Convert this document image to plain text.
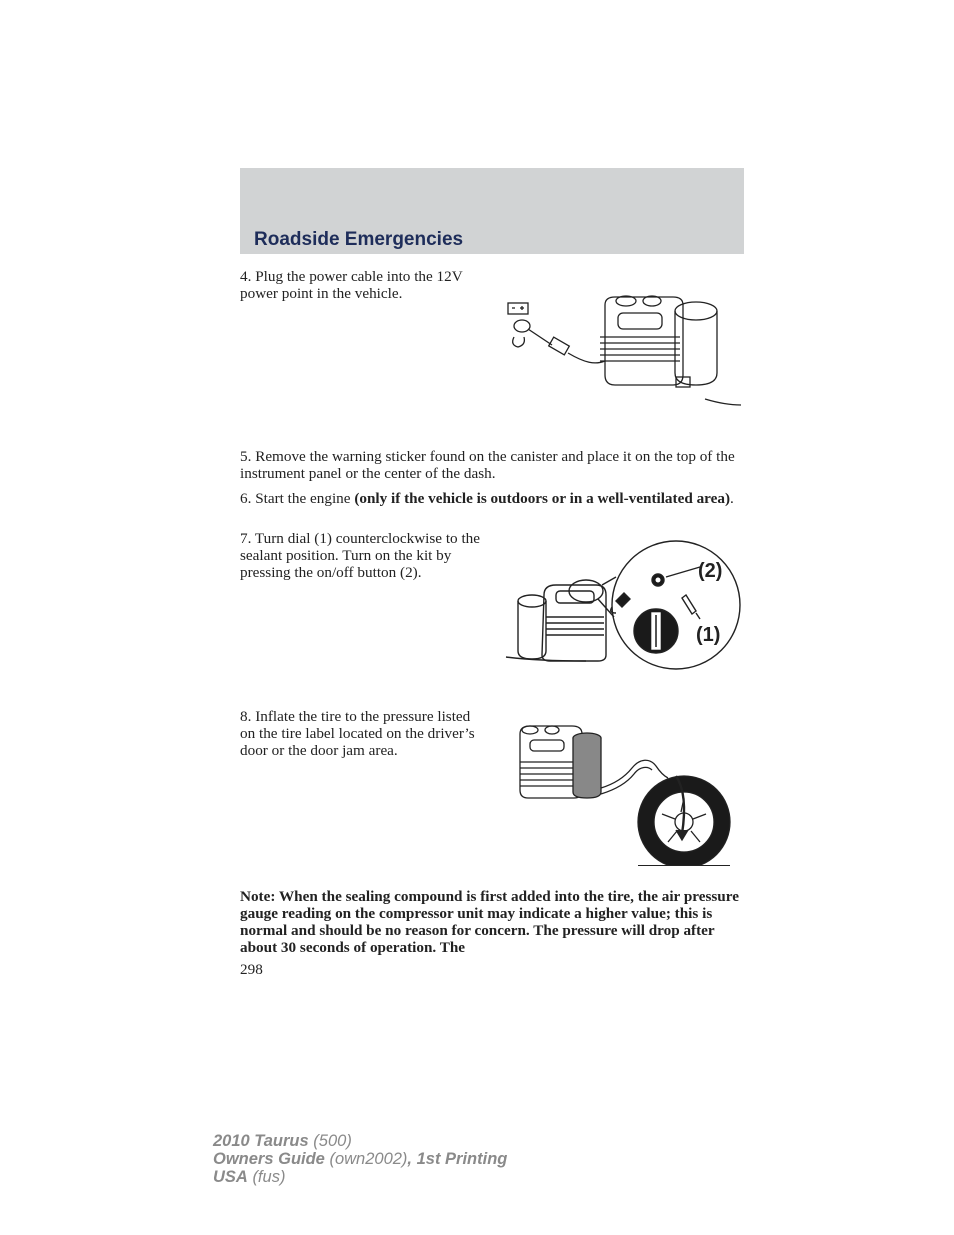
Roadside Emergencies
4. Plug the power cable into the 12V power point in the vehicle.
5. Remove the warning sticker found on the canister and place it on the top of the instrument panel or the center of the dash.
6. Start the engine (only if the vehicle is outdoors or in a well-ventilated area).
7. Turn dial (1) counterclockwise to the sealant position. Turn on the kit by pressing the on/off button (2).	(2)
(1)
8. Inflate the tire to the pressure listed on the tire label located on the driver’s door or the door jam area.
Note: When the sealing compound is first added into the tire, the air pressure gauge reading on the compressor unit may indicate a higher value; this is normal and should be no reason for concern. The pressure will drop after about 30 seconds of operation. The
298
2010 Taurus (500)
Owners Guide (own2002), 1st Printing
USA (fus)
